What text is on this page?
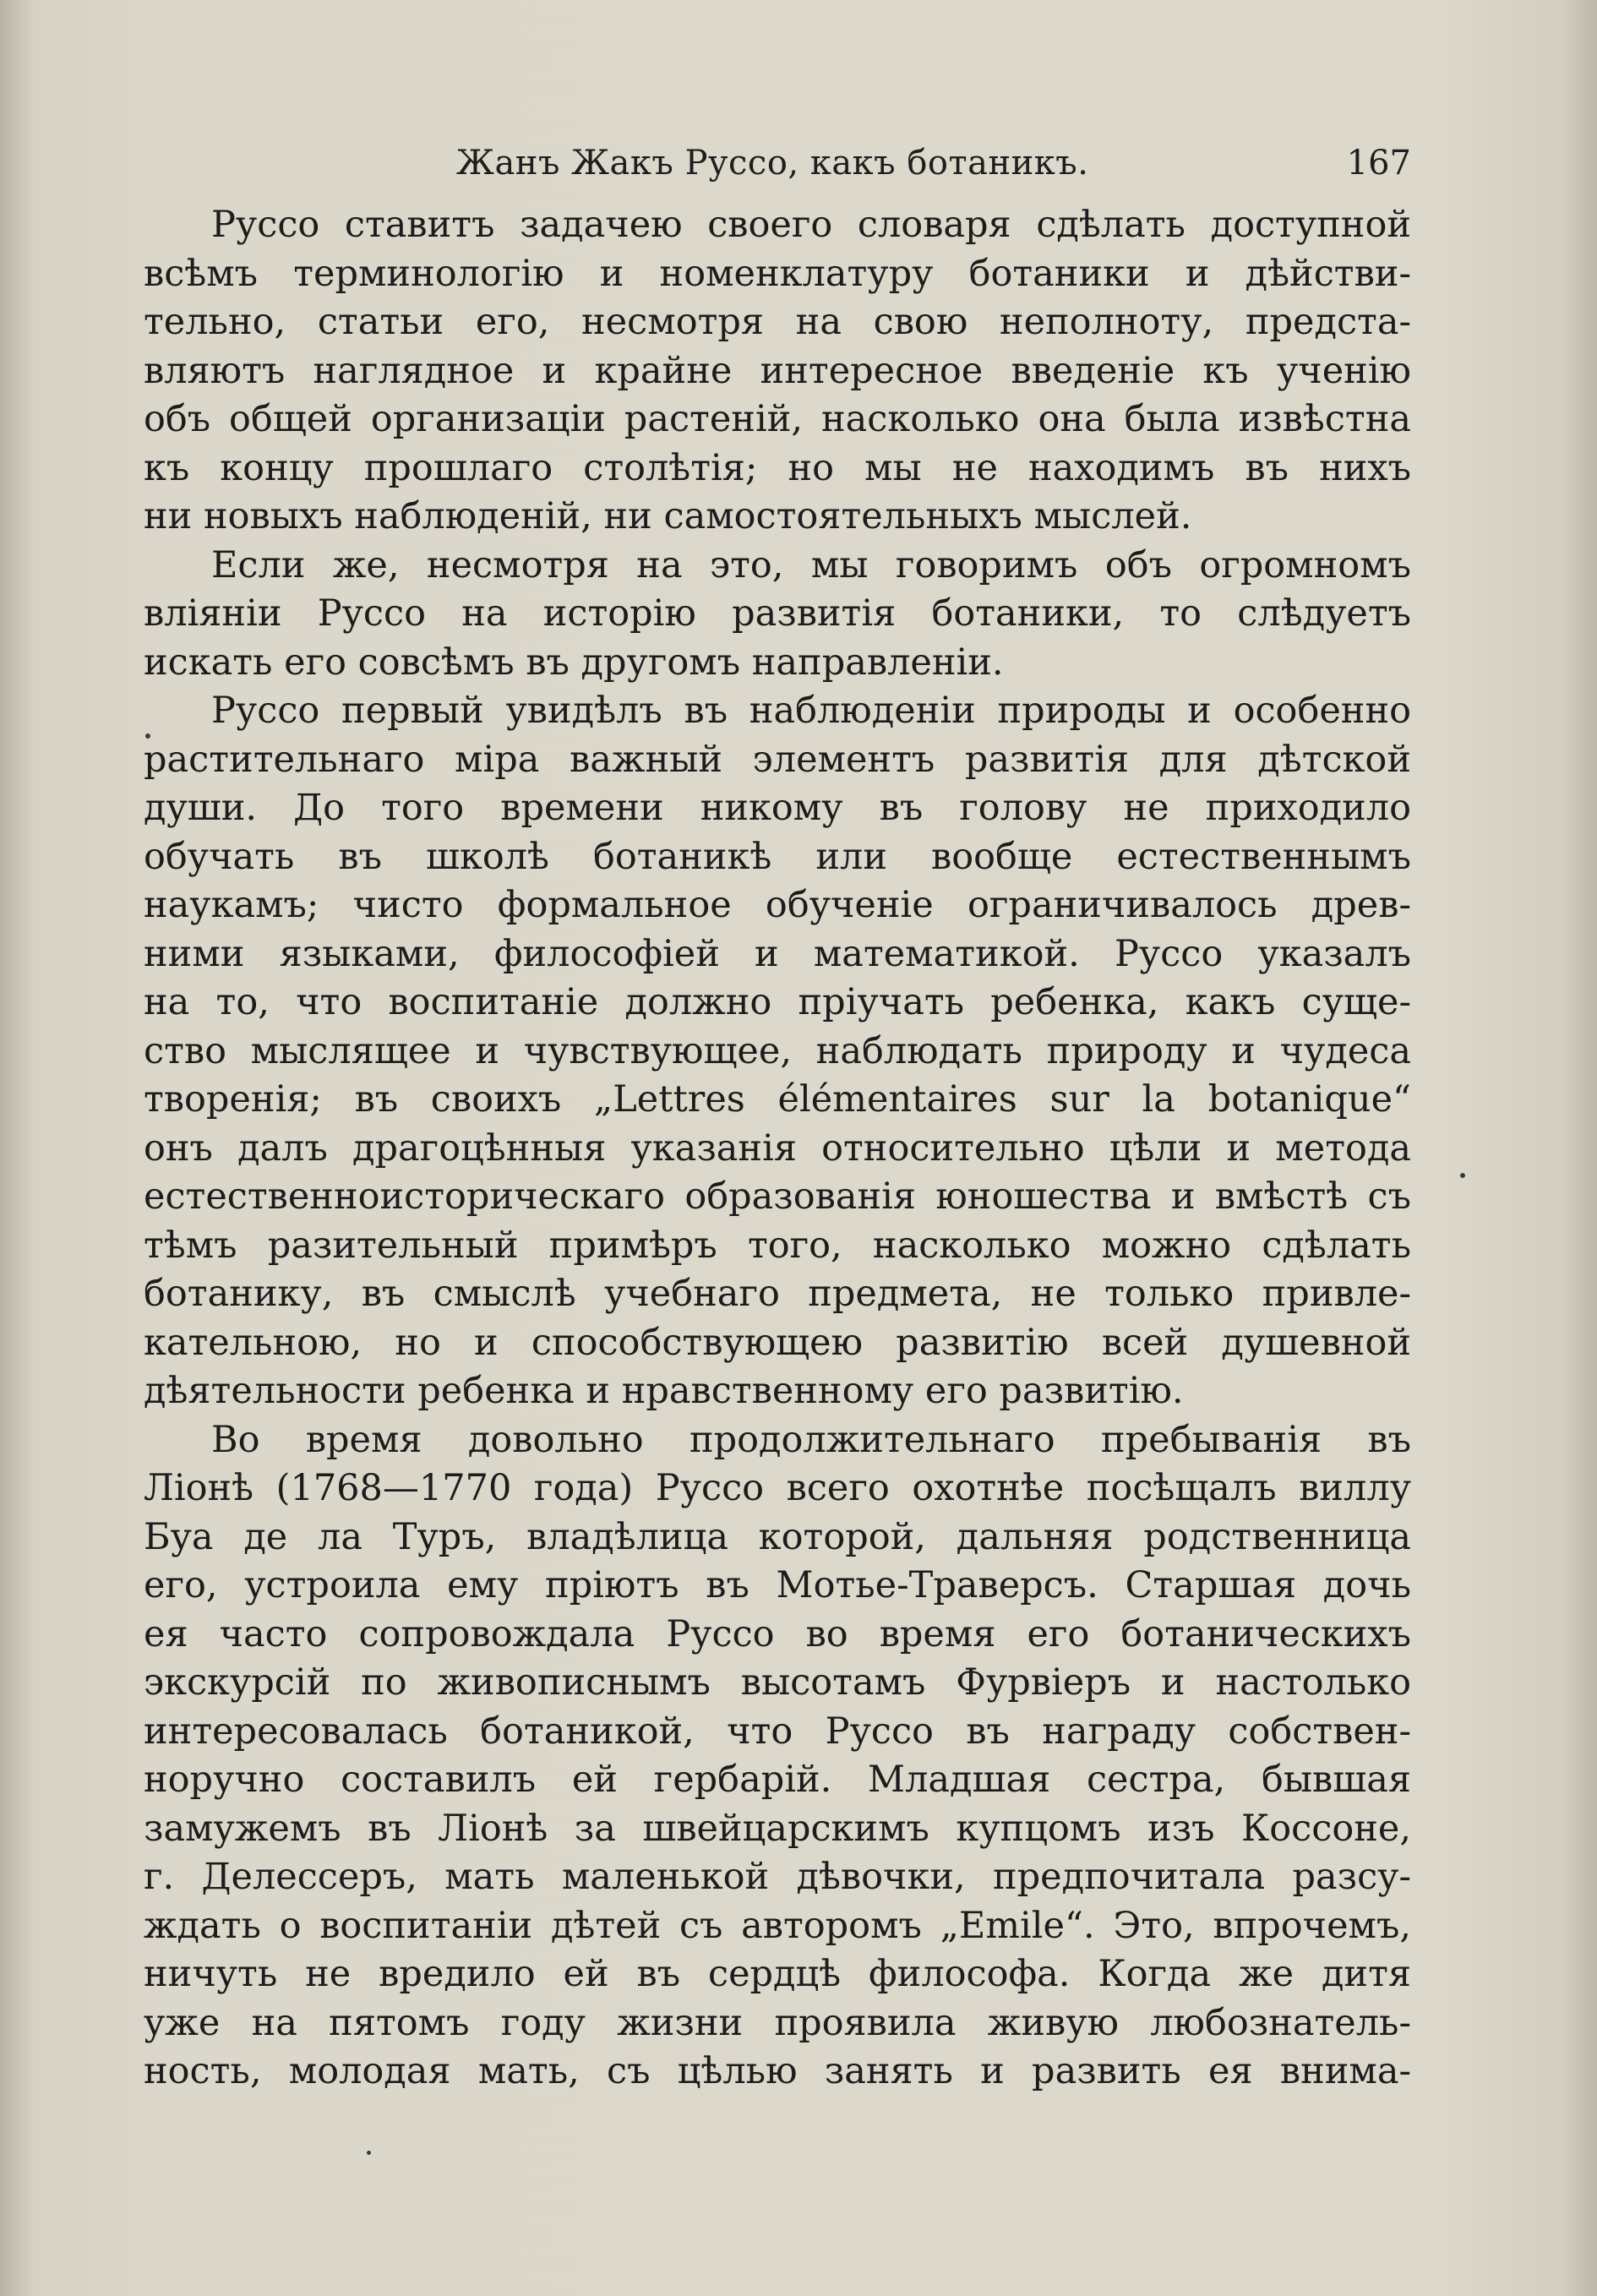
Жанъ Жакъ Руссо, какъ ботаникъ.	167
Руссо ставитъ задачею своего словаря сдѣлать доступной
всѣмъ терминологію и номенклатуру ботаники и дѣйстви-
тельно, статьи его, несмотря на свою неполноту, предста-
вляютъ наглядное и крайне интересное введеніе къ ученію
объ общей организаціи растеній, насколько она была извѣстна
къ концу прошлаго столѣтія; но мы не находимъ въ нихъ
ни новыхъ наблюденій, ни самостоятельныхъ мыслей.
Если же, несмотря на это, мы говоримъ объ огромномъ
вліяніи Руссо на исторію развитія ботаники, то слѣдуетъ
искать его совсѣмъ въ другомъ направленіи.
Руссо первый увидѣлъ въ наблюденіи природы и особенно
растительнаго міра важный элементъ развитія для дѣтской
души. До того времени никому въ голову не приходило
обучать въ школѣ ботаникѣ или вообще естественнымъ
наукамъ; чисто формальное обученіе ограничивалось древ-
ними языками, философіей и математикой. Руссо указалъ
на то, что воспитаніе должно пріучать ребенка, какъ суще-
ство мыслящее и чувствующее, наблюдать природу и чудеса
творенія; въ своихъ „Lettres élémentaires sur la botanique“
онъ далъ драгоцѣнныя указанія относительно цѣли и метода
естественноисторическаго образованія юношества и вмѣстѣ съ
тѣмъ разительный примѣръ того, насколько можно сдѣлать
ботанику, въ смыслѣ учебнаго предмета, не только привле-
кательною, но и способствующею развитію всей душевной
дѣятельности ребенка и нравственному его развитію.
Во время довольно продолжительнаго пребыванія въ
Ліонѣ (1768—1770 года) Руссо всего охотнѣе посѣщалъ виллу
Буа де ла Туръ, владѣлица которой, дальняя родственница
его, устроила ему пріютъ въ Мотье-Траверсъ. Старшая дочь
ея часто сопровождала Руссо во время его ботаническихъ
экскурсій по живописнымъ высотамъ Фурвіеръ и настолько
интересовалась ботаникой, что Руссо въ награду собствен-
норучно составилъ ей гербарій. Младшая сестра, бывшая
замужемъ въ Ліонѣ за швейцарскимъ купцомъ изъ Коссоне,
г. Делессеръ, мать маленькой дѣвочки, предпочитала разсу-
ждать о воспитаніи дѣтей съ авторомъ „Emile“. Это, впрочемъ,
ничуть не вредило ей въ сердцѣ философа. Когда же дитя
уже на пятомъ году жизни проявила живую любознатель-
ность, молодая мать, съ цѣлью занять и развить ея внима-
